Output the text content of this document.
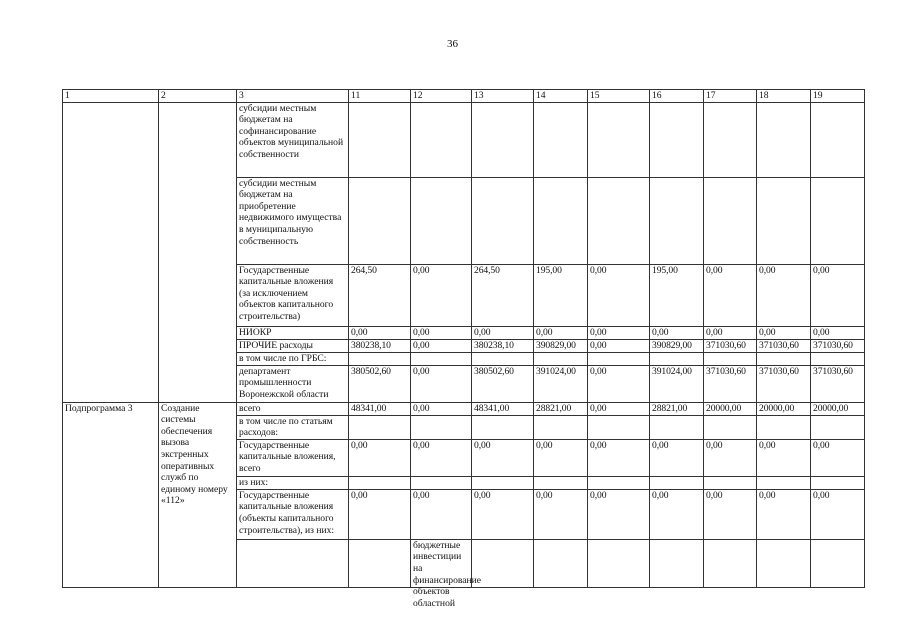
36
1	2	3	11	12	13	14	15	16	17	18	19	
		субсидии местным бюджетам на софинансирование объектов муниципальной собственности										
		субсидии местным бюджетам на приобретение недвижимого имущества в муниципальную собственность										
		Государственные капитальные вложения (за исключением объектов капитального строительства)	264,50	0,00	264,50	195,00	0,00	195,00	0,00	0,00	0,00	
		НИОКР	0,00	0,00	0,00	0,00	0,00	0,00	0,00	0,00	0,00	
		ПРОЧИЕ расходы	380238,10	0,00	380238,10	390829,00	0,00	390829,00	371030,60	371030,60	371030,60	
		в том числе по ГРБС:										
		департамент промышленности Воронежской области	380502,60	0,00	380502,60	391024,00	0,00	391024,00	371030,60	371030,60	371030,60	
Подпрограмма 3	Создание системы обеспечения вызова экстренных оперативных служб по единому номеру «112»	всего	48341,00	0,00	48341,00	28821,00	0,00	28821,00	20000,00	20000,00	20000,00	
		в том числе по статьям расходов:										
		Государственные капитальные вложения, всего	0,00	0,00	0,00	0,00	0,00	0,00	0,00	0,00	0,00	
		из них:										
		Государственные капитальные вложения (объекты капитального строительства), из них:	0,00	0,00	0,00	0,00	0,00	0,00	0,00	0,00	0,00	

				бюджетные инвестиции на финансирование объектов областной								
